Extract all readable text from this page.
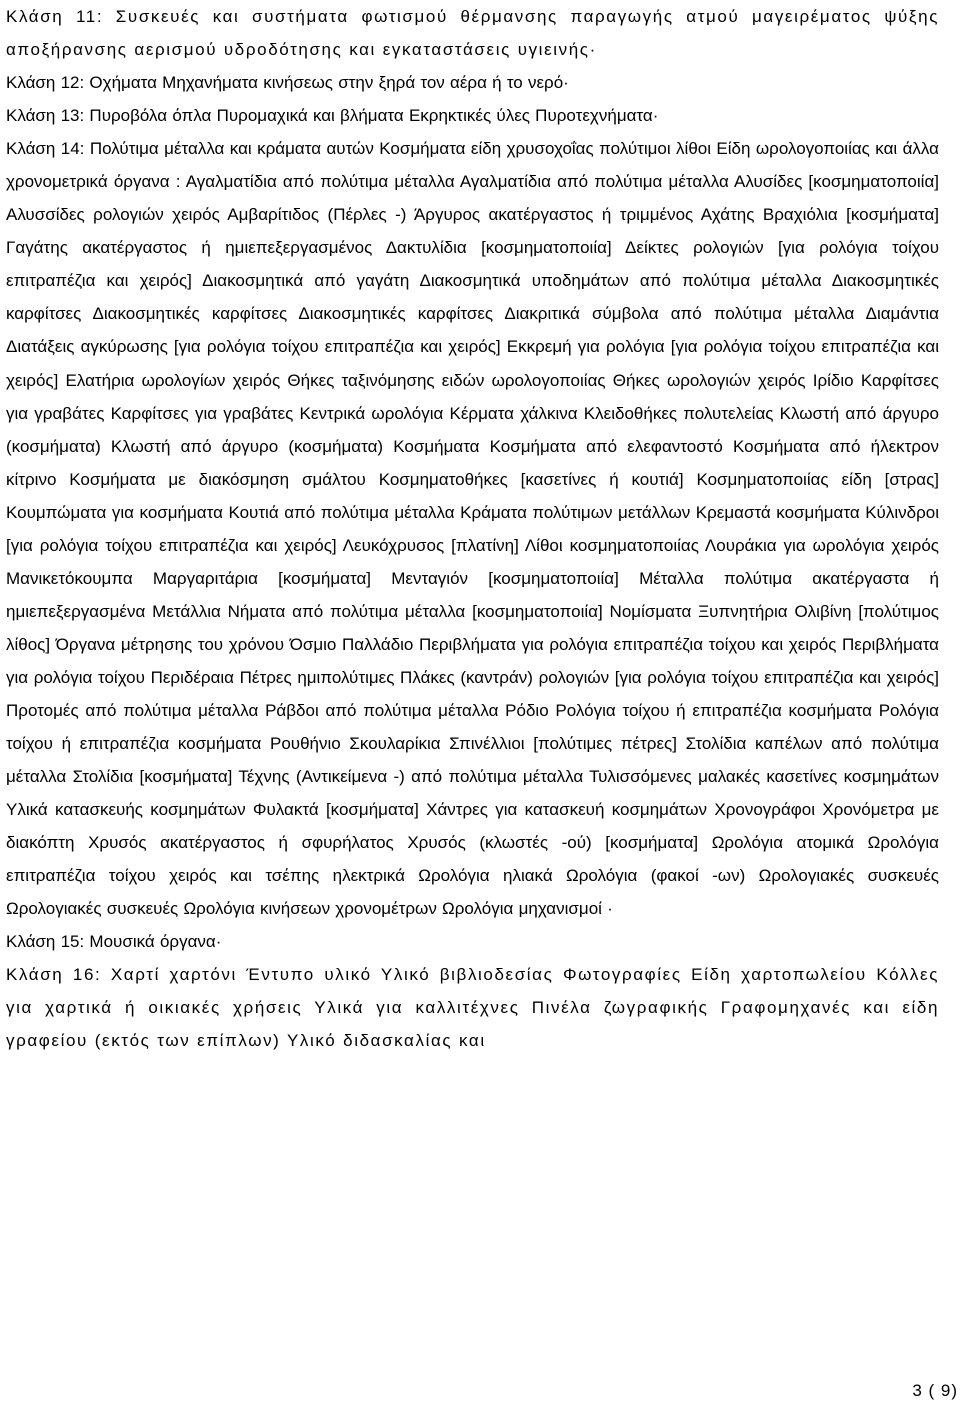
Κλάση 11: Συσκευές και συστήματα φωτισμού θέρμανσης παραγωγής ατμού μαγειρέματος ψύξης αποξήρανσης αερισμού υδροδότησης και εγκαταστάσεις υγιεινής·

Κλάση 12: Οχήματα Μηχανήματα κινήσεως στην ξηρά τον αέρα ή το νερό·

Κλάση 13: Πυροβόλα όπλα Πυρομαχικά και βλήματα Εκρηκτικές ύλες Πυροτεχνήματα·

Κλάση 14: Πολύτιμα μέταλλα και κράματα αυτών Κοσμήματα είδη χρυσοχοΐας πολύτιμοι λίθοι Είδη ωρολογοποιίας και άλλα χρονομετρικά όργανα : Αγαλματίδια από πολύτιμα μέταλλα Αγαλματίδια από πολύτιμα μέταλλα Αλυσίδες [κοσμηματοποιία] Αλυσσίδες ρολογιών χειρός Αμβαρίτιδος (Πέρλες -) Άργυρος ακατέργαστος ή τριμμένος Αχάτης Βραχιόλια [κοσμήματα] Γαγάτης ακατέργαστος ή ημιεπεξεργασμένος Δακτυλίδια [κοσμηματοποιία] Δείκτες ρολογιών [για ρολόγια τοίχου επιτραπέζια και χειρός] Διακοσμητικά από γαγάτη Διακοσμητικά υποδημάτων από πολύτιμα μέταλλα Διακοσμητικές καρφίτσες Διακοσμητικές καρφίτσες Διακοσμητικές καρφίτσες Διακριτικά σύμβολα από πολύτιμα μέταλλα Διαμάντια Διατάξεις αγκύρωσης [για ρολόγια τοίχου επιτραπέζια και χειρός] Εκκρεμή για ρολόγια [για ρολόγια τοίχου επιτραπέζια και χειρός] Ελατήρια ωρολογίων χειρός Θήκες ταξινόμησης ειδών ωρολογοποιίας Θήκες ωρολογιών χειρός Ιρίδιο Καρφίτσες για γραβάτες Καρφίτσες για γραβάτες Κεντρικά ωρολόγια Κέρματα χάλκινα Κλειδοθήκες πολυτελείας Κλωστή από άργυρο (κοσμήματα) Κλωστή από άργυρο (κοσμήματα) Κοσμήματα Κοσμήματα από ελεφαντοστό Κοσμήματα από ήλεκτρον κίτρινο Κοσμήματα με διακόσμηση σμάλτου Κοσμηματοθήκες [κασετίνες ή κουτιά] Κοσμηματοποιίας είδη [στρας] Κουμπώματα για κοσμήματα Κουτιά από πολύτιμα μέταλλα Κράματα πολύτιμων μετάλλων Κρεμαστά κοσμήματα Κύλινδροι [για ρολόγια τοίχου επιτραπέζια και χειρός] Λευκόχρυσος [πλατίνη] Λίθοι κοσμηματοποιίας Λουράκια για ωρολόγια χειρός Μανικετόκουμπα Μαργαριτάρια [κοσμήματα] Μενταγιόν [κοσμηματοποιία] Μέταλλα πολύτιμα ακατέργαστα ή ημιεπεξεργασμένα Μετάλλια Νήματα από πολύτιμα μέταλλα [κοσμηματοποιία] Νομίσματα Ξυπνητήρια Ολιβίνη [πολύτιμος λίθος] Όργανα μέτρησης του χρόνου Όσμιο Παλλάδιο Περιβλήματα για ρολόγια επιτραπέζια τοίχου και χειρός Περιβλήματα για ρολόγια τοίχου Περιδέραια Πέτρες ημιπολύτιμες Πλάκες (καντράν) ρολογιών [για ρολόγια τοίχου επιτραπέζια και χειρός] Προτομές από πολύτιμα μέταλλα Ράβδοι από πολύτιμα μέταλλα Ρόδιο Ρολόγια τοίχου ή επιτραπέζια κοσμήματα Ρολόγια τοίχου ή επιτραπέζια κοσμήματα Ρουθήνιο Σκουλαρίκια Σπινέλλιοι [πολύτιμες πέτρες] Στολίδια καπέλων από πολύτιμα μέταλλα Στολίδια [κοσμήματα] Τέχνης (Αντικείμενα -) από πολύτιμα μέταλλα Τυλισσόμενες μαλακές κασετίνες κοσμημάτων Υλικά κατασκευής κοσμημάτων Φυλακτά [κοσμήματα] Χάντρες για κατασκευή κοσμημάτων Χρονογράφοι Χρονόμετρα με διακόπτη Χρυσός ακατέργαστος ή σφυρήλατος Χρυσός (κλωστές -ού) [κοσμήματα] Ωρολόγια ατομικά Ωρολόγια επιτραπέζια τοίχου χειρός και τσέπης ηλεκτρικά Ωρολόγια ηλιακά Ωρολόγια (φακοί -ων) Ωρολογιακές συσκευές Ωρολογιακές συσκευές Ωρολόγια κινήσεων χρονομέτρων Ωρολόγια μηχανισμοί ·

Κλάση 15: Μουσικά όργανα·

Κλάση 16: Χαρτί χαρτόνι Έντυπο υλικό Υλικό βιβλιοδεσίας Φωτογραφίες Είδη χαρτοπωλείου Κόλλες για χαρτικά ή οικιακές χρήσεις Υλικά για καλλιτέχνες Πινέλα ζωγραφικής Γραφομηχανές και είδη γραφείου (εκτός των επίπλων) Υλικό διδασκαλίας και

3 ( 9)
